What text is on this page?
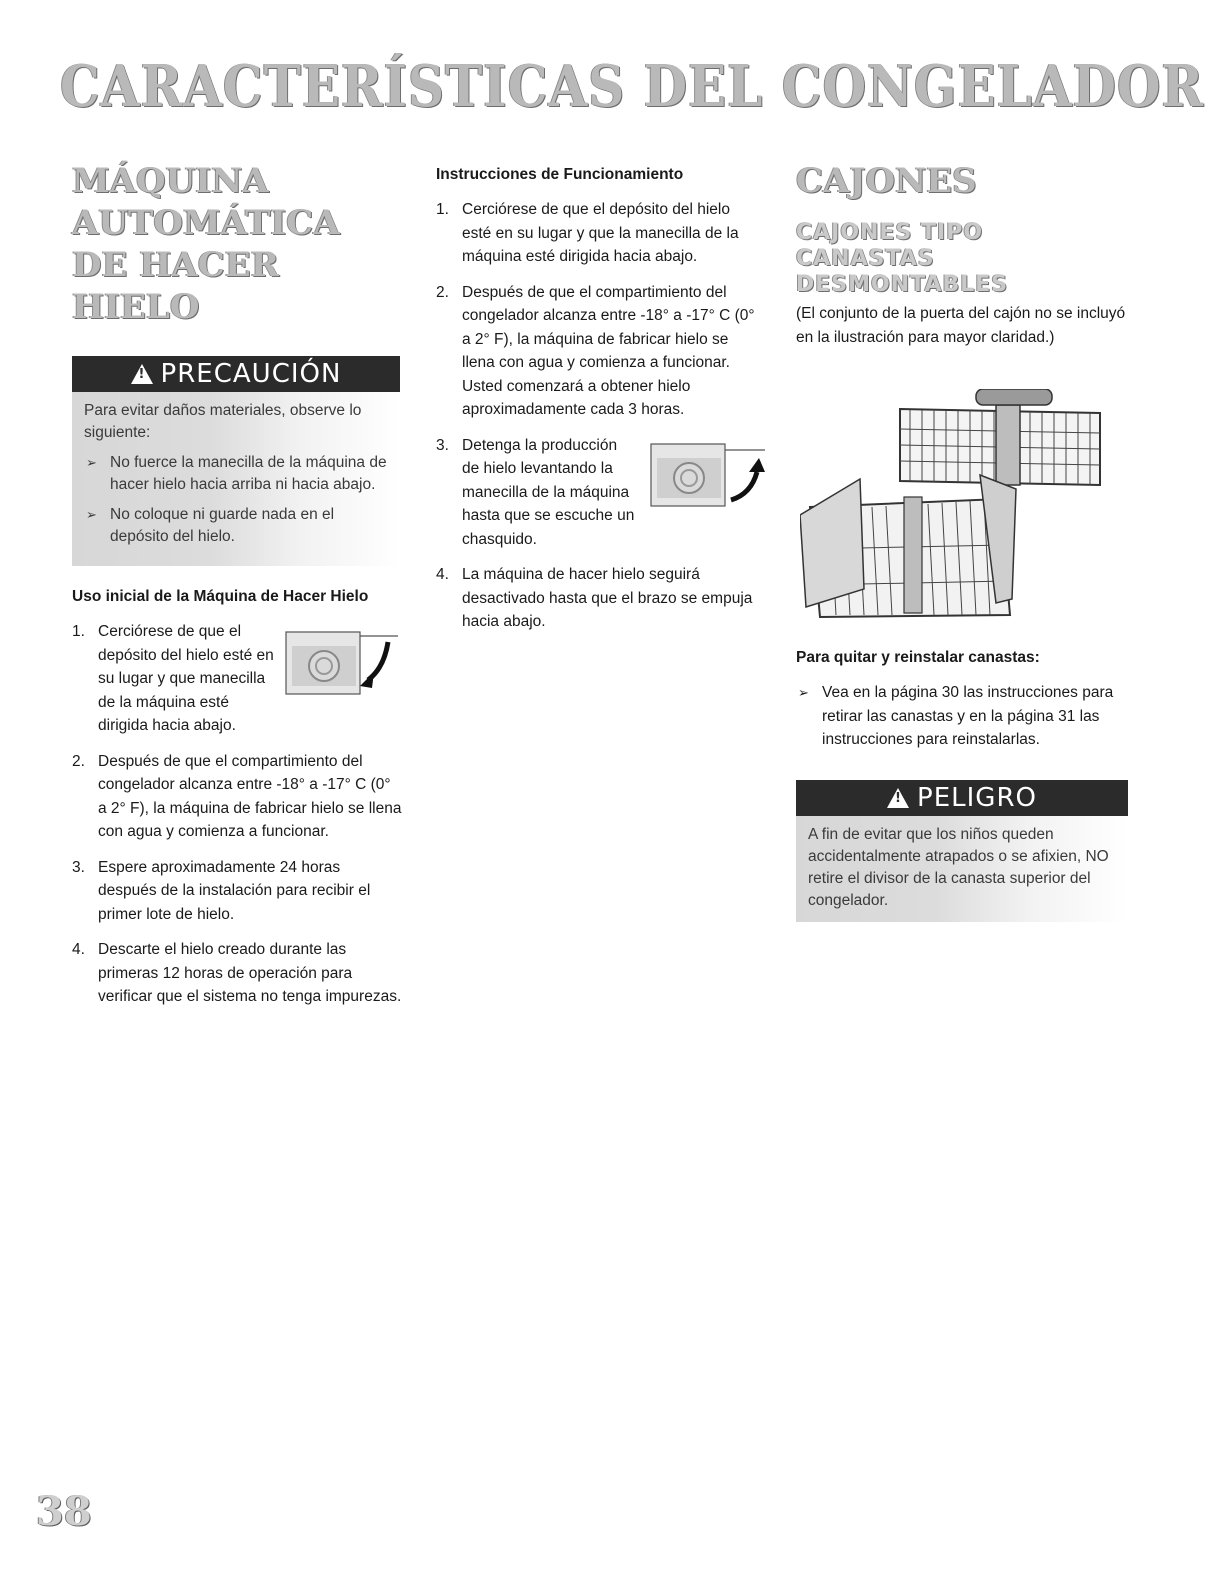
CARACTERÍSTICAS DEL CONGELADOR
MÁQUINA AUTOMÁTICA DE HACER HIELO
!
PRECAUCIÓN

Para evitar daños materiales, observe lo siguiente:

➢ No fuerce la manecilla de la máquina de hacer hielo hacia arriba ni hacia abajo.
➢ No coloque ni guarde nada en el depósito del hielo.

Uso inicial de la Máquina de Hacer Hielo

1. Cerciórese de que el depósito del hielo esté en su lugar y que manecilla de la máquina esté dirigida hacia abajo.
2. Después de que el compartimiento del congelador alcanza entre -18° a -17° C (0° a 2° F), la máquina de fabricar hielo se llena con agua y comienza a funcionar.
3. Espere aproximadamente 24 horas después de la instalación para recibir el primer lote de hielo.
4. Descarte el hielo creado durante las primeras 12 horas de operación para verificar que el sistema no tenga impurezas.

Instrucciones de Funcionamiento

1. Cerciórese de que el depósito del hielo esté en su lugar y que la manecilla de la máquina esté dirigida hacia abajo.
2. Después de que el compartimiento del congelador alcanza entre -18° a -17° C (0° a 2° F), la máquina de fabricar hielo se llena con agua y comienza a funcionar. Usted comenzará a obtener hielo aproximadamente cada 3 horas.
3. Detenga la producción de hielo levantando la manecilla de la máquina hasta que se escuche un chasquido.
4. La máquina de hacer hielo seguirá desactivado hasta que el brazo se empuja hacia abajo.
CAJONES
CAJONES TIPO CANASTAS DESMONTABLES

(El conjunto de la puerta del cajón no se incluyó en la ilustración para mayor claridad.)

Para quitar y reinstalar canastas:

➢ Vea en la página 30 las instrucciones para retirar las canastas y en la página 31 las instrucciones para reinstalarlas.
!
PELIGRO
A fin de evitar que los niños queden accidentalmente atrapados o se afixien, NO retire el divisor de la canasta superior del congelador.
38
